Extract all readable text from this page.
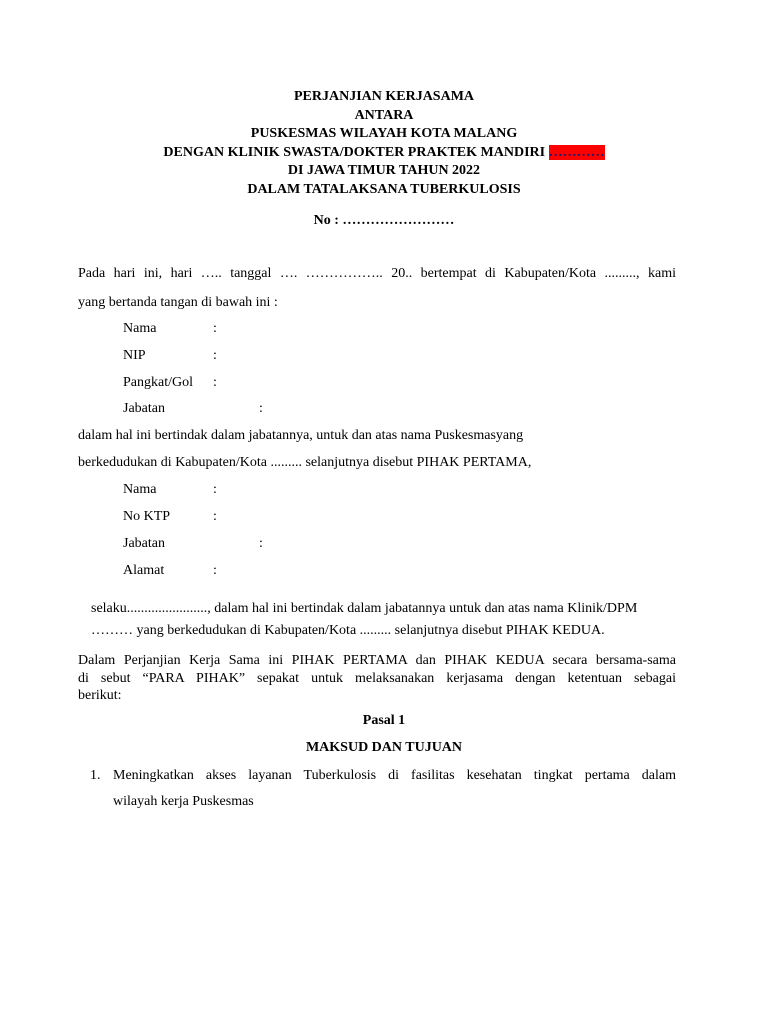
PERJANJIAN KERJASAMA
ANTARA
PUSKESMAS WILAYAH KOTA MALANG
DENGAN KLINIK SWASTA/DOKTER PRAKTEK MANDIRI …………
DI JAWA TIMUR TAHUN 2022
DALAM TATALAKSANA TUBERKULOSIS
No : ……………………
Pada hari ini, hari ….. tanggal …. …………….. 20.. bertempat di Kabupaten/Kota ........., kami
yang bertanda tangan di bawah ini :
Nama	:
NIP	:
Pangkat/Gol :
Jabatan	:
dalam hal ini bertindak dalam jabatannya, untuk dan atas nama Puskesmasyang
berkedudukan di Kabupaten/Kota ......... selanjutnya disebut PIHAK PERTAMA,
Nama	:
No KTP	:
Jabatan	:
Alamat	:
selaku......................., dalam hal ini bertindak dalam jabatannya untuk dan atas nama Klinik/DPM
……… yang berkedudukan di Kabupaten/Kota ......... selanjutnya disebut PIHAK KEDUA.
Dalam Perjanjian Kerja Sama ini PIHAK PERTAMA dan PIHAK KEDUA secara bersama-sama
di sebut “PARA PIHAK” sepakat untuk melaksanakan kerjasama dengan ketentuan sebagai
berikut:
Pasal 1
MAKSUD DAN TUJUAN
1. Meningkatkan akses layanan Tuberkulosis di fasilitas kesehatan tingkat pertama dalam
wilayah kerja Puskesmas
